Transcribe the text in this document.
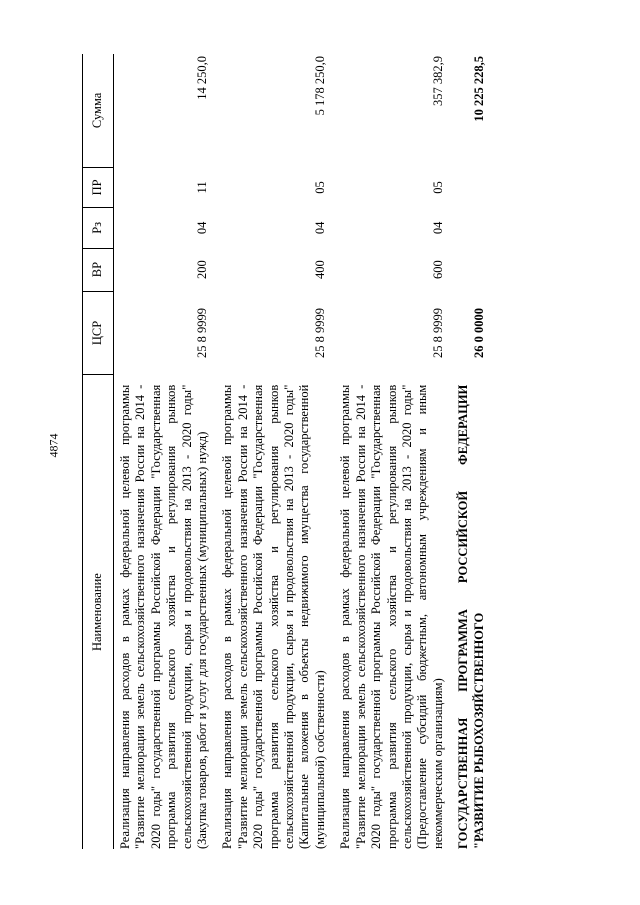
4874
Наименование	ЦСР	ВР	Рз	ПР	Сумма
Реализация направления расходов в рамках федеральной целевой программы "Развитие мелиорации земель сельскохозяйственного назначения России на 2014 - 2020 годы" государственной программы Российской Федерации "Государственная программа развития сельского хозяйства и регулирования рынков сельскохозяйственной продукции, сырья и продовольствия на 2013 - 2020 годы" (Закупка товаров, работ и услуг для государственных (муниципальных) нужд)	25 8 9999	200	04	11	14 250,0
Реализация направления расходов в рамках федеральной целевой программы "Развитие мелиорации земель сельскохозяйственного назначения России на 2014 - 2020 годы" государственной программы Российской Федерации "Государственная программа развития сельского хозяйства и регулирования рынков сельскохозяйственной продукции, сырья и продовольствия на 2013 - 2020 годы" (Капитальные вложения в объекты недвижимого имущества государственной (муниципальной) собственности)	25 8 9999	400	04	05	5 178 250,0
Реализация направления расходов в рамках федеральной целевой программы "Развитие мелиорации земель сельскохозяйственного назначения России на 2014 - 2020 годы" государственной программы Российской Федерации "Государственная программа развития сельского хозяйства и регулирования рынков сельскохозяйственной продукции, сырья и продовольствия на 2013 - 2020 годы" (Предоставление субсидий бюджетным, автономным учреждениям и иным некоммерческим организациям)	25 8 9999	600	04	05	357 382,9
ГОСУДАРСТВЕННАЯ ПРОГРАММА РОССИЙСКОЙ ФЕДЕРАЦИИ "РАЗВИТИЕ РЫБОХОЗЯЙСТВЕННОГО	26 0 0000				10 225 228,5
